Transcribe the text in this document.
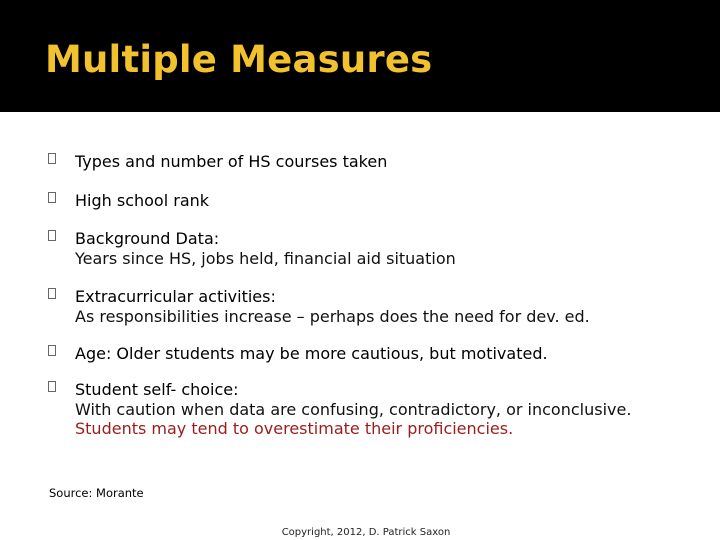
Multiple Measures
Types and number of HS courses taken
High school rank
Background Data:
Years since HS, jobs held, financial aid situation
Extracurricular activities:
As responsibilities increase – perhaps does the need for dev. ed.
Age: Older students may be more cautious, but motivated.
Student self- choice:
With caution when data are confusing, contradictory, or inconclusive.
Students may tend to overestimate their proficiencies.
Source: Morante
Copyright, 2012, D. Patrick Saxon
